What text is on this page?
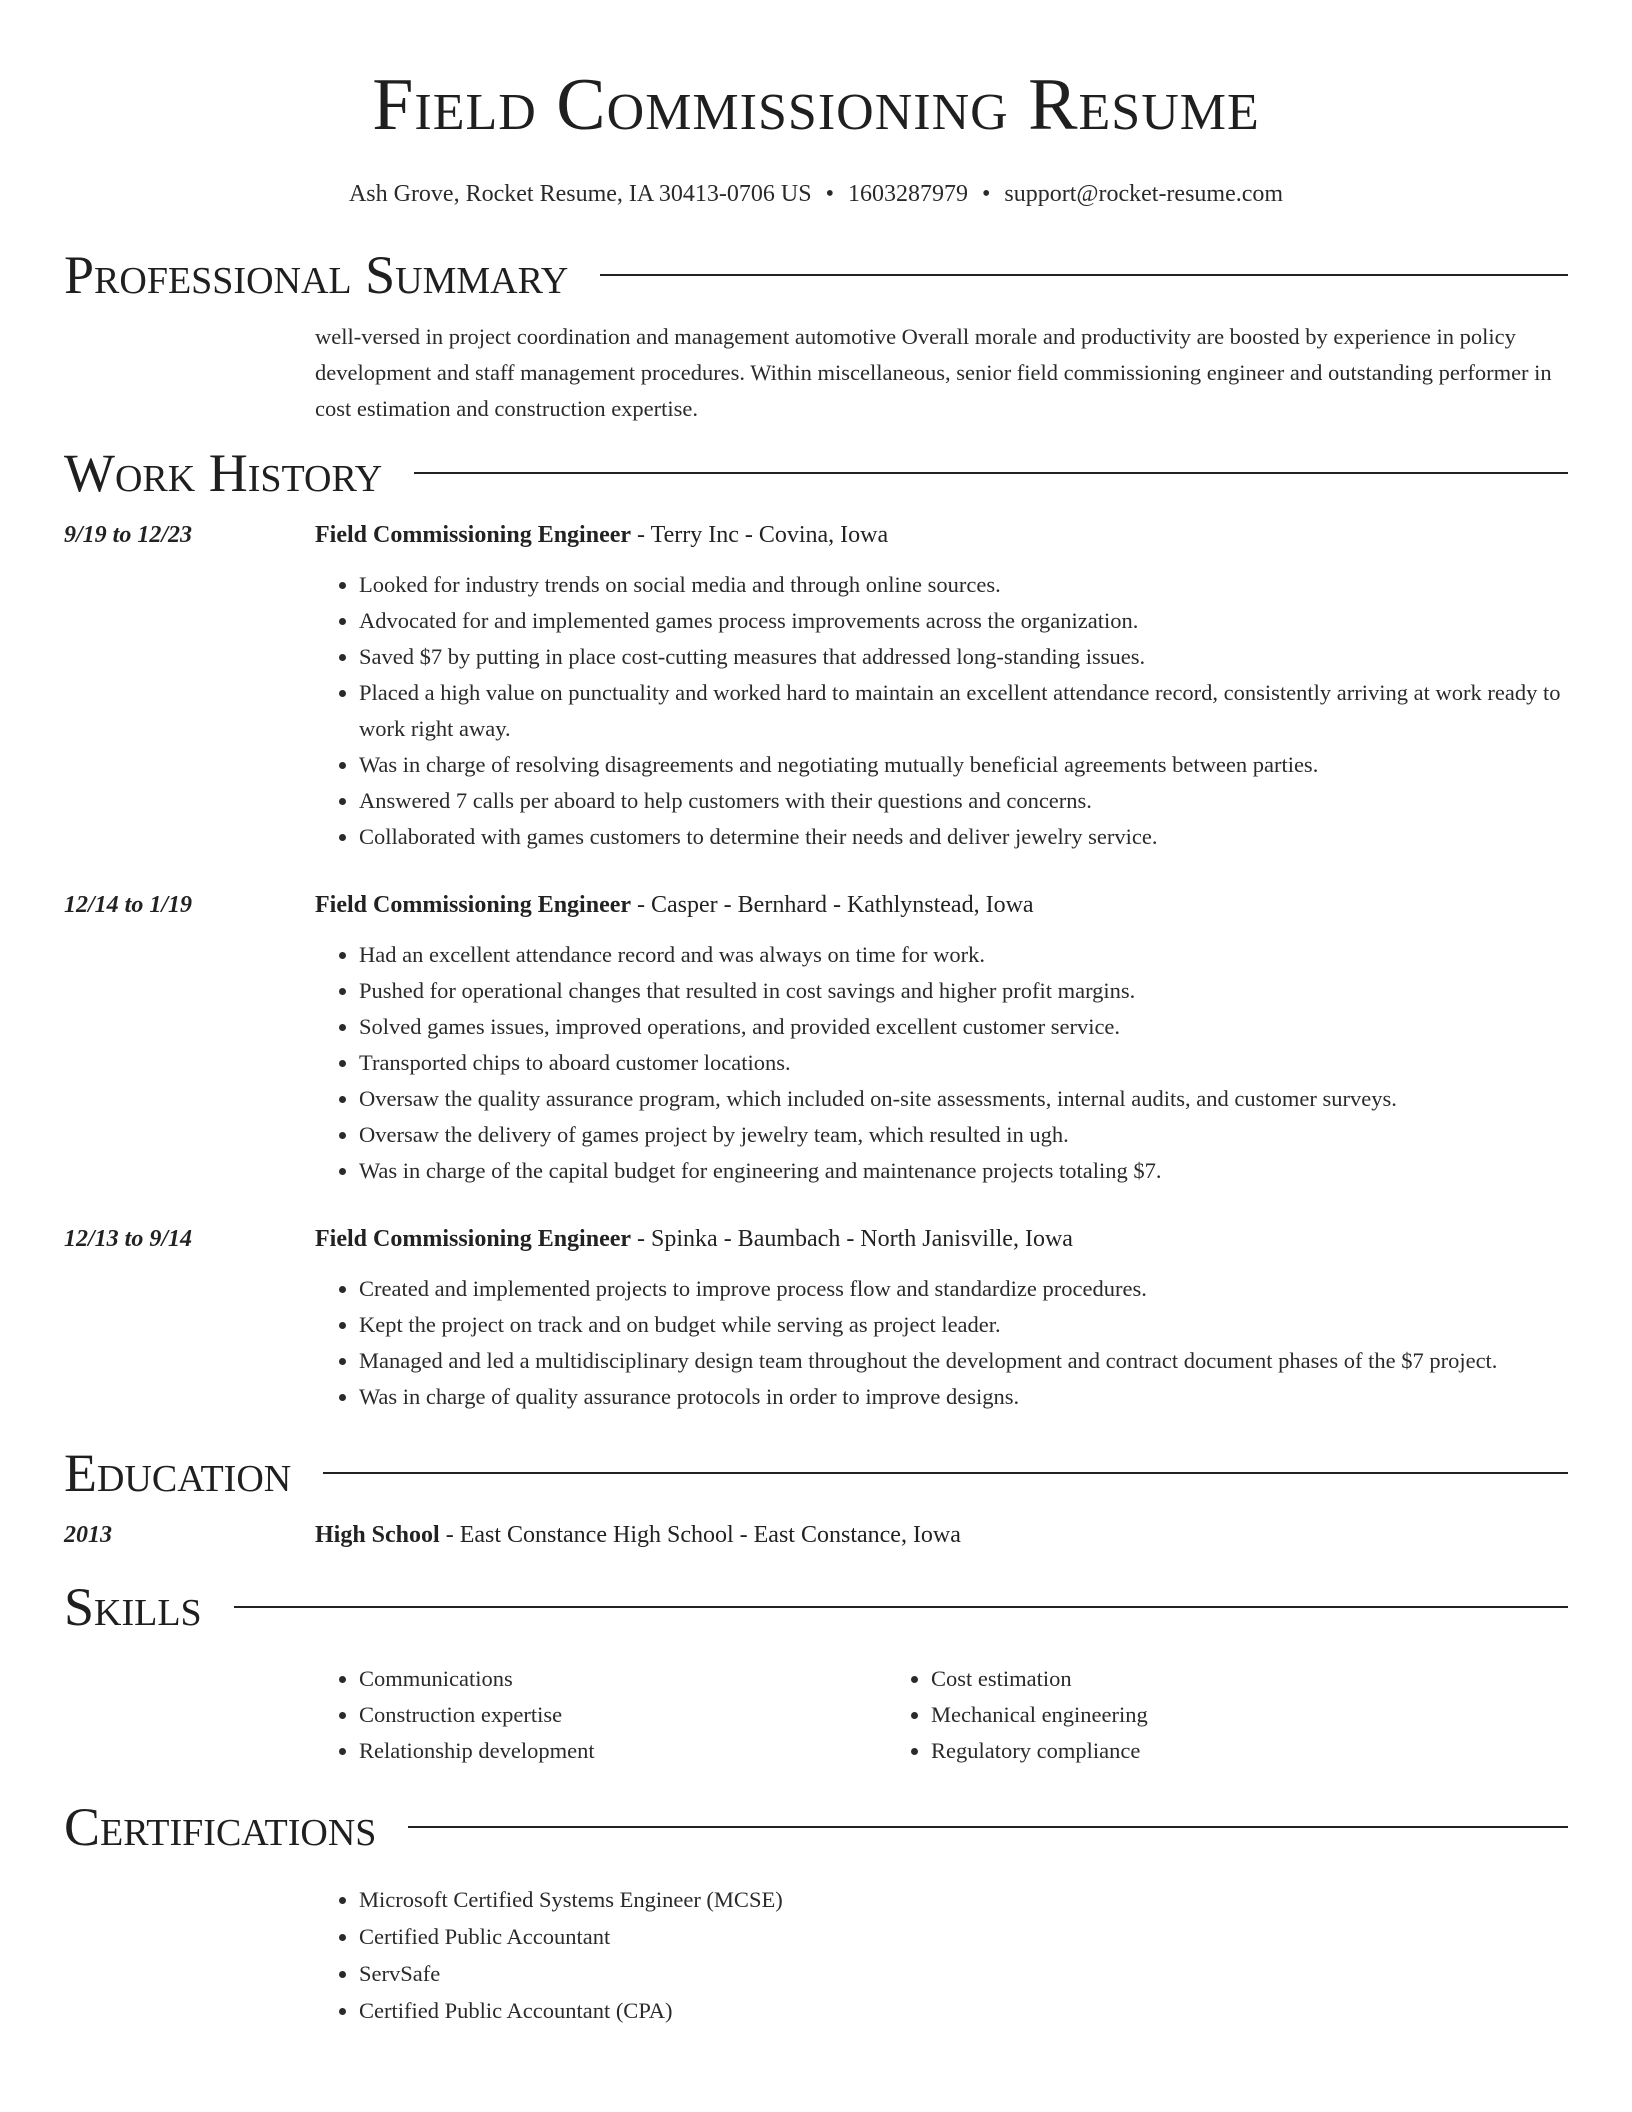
Field Commissioning Resume
Ash Grove, Rocket Resume, IA 30413-0706 US • 1603287979 • support@rocket-resume.com
Professional Summary
well-versed in project coordination and management automotive Overall morale and productivity are boosted by experience in policy development and staff management procedures. Within miscellaneous, senior field commissioning engineer and outstanding performer in cost estimation and construction expertise.
Work History
9/19 to 12/23	Field Commissioning Engineer - Terry Inc - Covina, Iowa
• Looked for industry trends on social media and through online sources.
• Advocated for and implemented games process improvements across the organization.
• Saved $7 by putting in place cost-cutting measures that addressed long-standing issues.
• Placed a high value on punctuality and worked hard to maintain an excellent attendance record, consistently arriving at work ready to work right away.
• Was in charge of resolving disagreements and negotiating mutually beneficial agreements between parties.
• Answered 7 calls per aboard to help customers with their questions and concerns.
• Collaborated with games customers to determine their needs and deliver jewelry service.
12/14 to 1/19	Field Commissioning Engineer - Casper - Bernhard - Kathlynstead, Iowa
• Had an excellent attendance record and was always on time for work.
• Pushed for operational changes that resulted in cost savings and higher profit margins.
• Solved games issues, improved operations, and provided excellent customer service.
• Transported chips to aboard customer locations.
• Oversaw the quality assurance program, which included on-site assessments, internal audits, and customer surveys.
• Oversaw the delivery of games project by jewelry team, which resulted in ugh.
• Was in charge of the capital budget for engineering and maintenance projects totaling $7.
12/13 to 9/14	Field Commissioning Engineer - Spinka - Baumbach - North Janisville, Iowa
• Created and implemented projects to improve process flow and standardize procedures.
• Kept the project on track and on budget while serving as project leader.
• Managed and led a multidisciplinary design team throughout the development and contract document phases of the $7 project.
• Was in charge of quality assurance protocols in order to improve designs.
Education
2013	High School - East Constance High School - East Constance, Iowa
Skills
• Communications
• Construction expertise
• Relationship development
• Cost estimation
• Mechanical engineering
• Regulatory compliance
Certifications
• Microsoft Certified Systems Engineer (MCSE)
• Certified Public Accountant
• ServSafe
• Certified Public Accountant (CPA)
